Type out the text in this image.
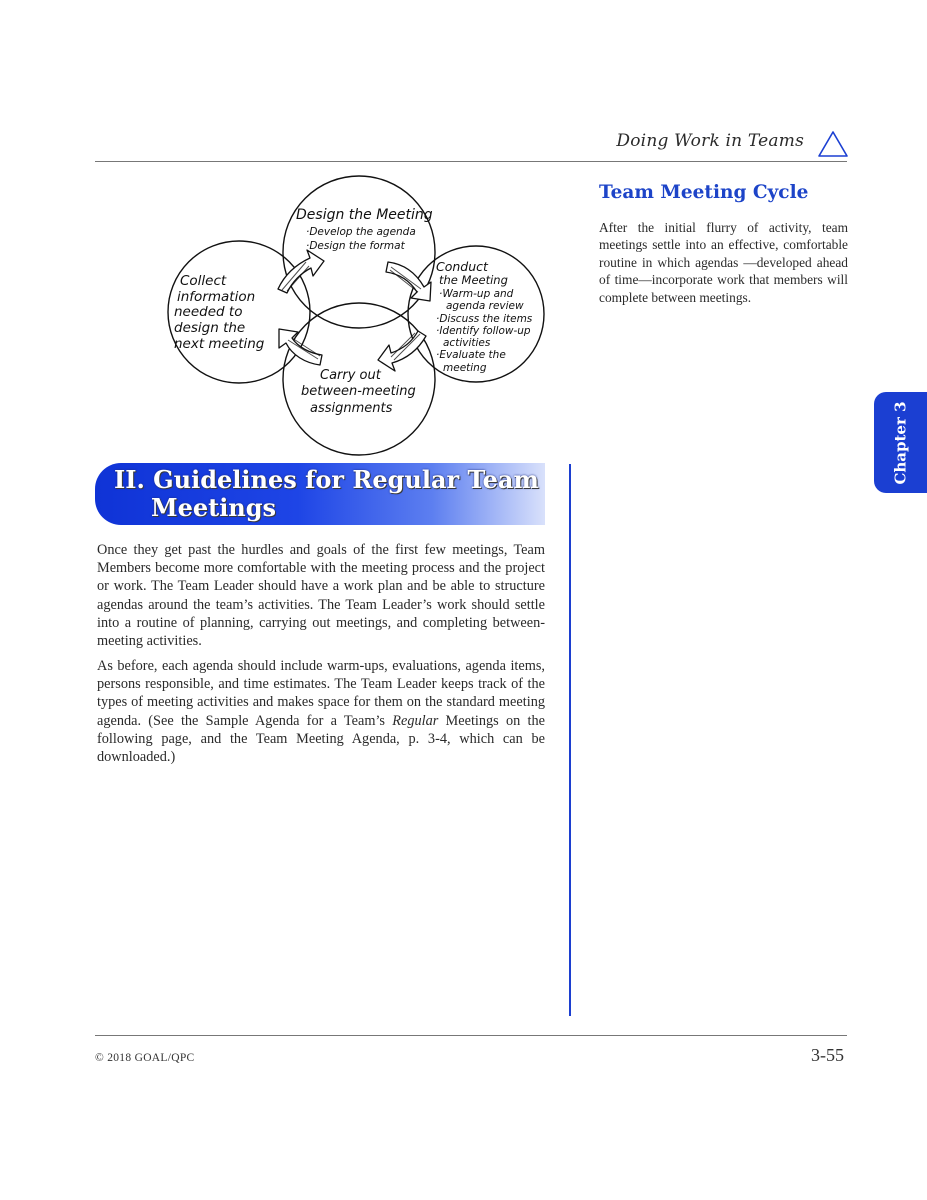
Doing Work in Teams
Design the Meeting
·Develop the agenda
·Design the format
Conduct
the Meeting
·Warm-up and
agenda review
·Discuss the items
·Identify follow-up
activities
·Evaluate the
meeting
Carry out
between-meeting
assignments
Collect
information
needed to
design the
next meeting
II. Guidelines for Regular Team
Meetings

Once they get past the hurdles and goals of the first few meetings, Team Members become more comfortable with the meeting process and the project or work. The Team Leader should have a work plan and be able to structure agendas around the team’s activities. The Team Leader’s work should settle into a routine of planning, carrying out meetings, and completing between-meeting activities.

As before, each agenda should include warm-ups, evaluations, agenda items, persons responsible, and time estimates. The Team Leader keeps track of the types of meeting activities and makes space for them on the standard meeting agenda. (See the Sample Agenda for a Team’s Regular Meetings on the following page, and the Team Meeting Agenda, p. 3-4, which can be downloaded.)

Team Meeting Cycle

After the initial flurry of activity, team meetings settle into an effective, comfortable routine in which agendas —developed ahead of time—incorporate work that members will complete between meetings.

Chapter 3
© 2018 GOAL/QPC	3-55
